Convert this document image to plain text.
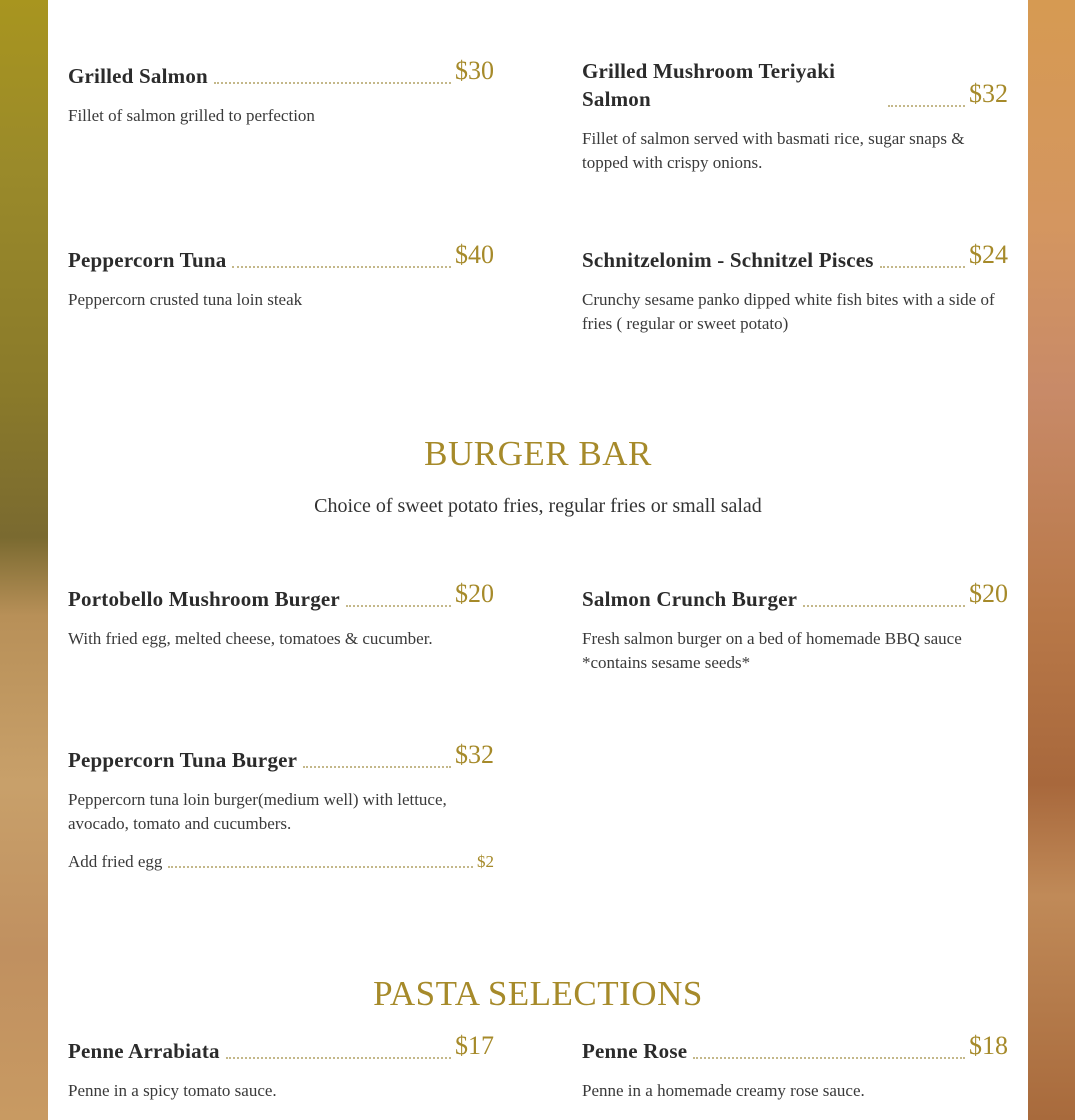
Grilled Salmon	$30
Fillet of salmon grilled to perfection
Grilled Mushroom Teriyaki Salmon	$32
Fillet of salmon served with basmati rice, sugar snaps & topped with crispy onions.
Peppercorn Tuna	$40
Peppercorn crusted tuna loin steak
Schnitzelonim - Schnitzel Pisces	$24
Crunchy sesame panko dipped white fish bites with a side of fries ( regular or sweet potato)
BURGER BAR
Choice of sweet potato fries, regular fries or small salad
Portobello Mushroom Burger	$20
With fried egg, melted cheese, tomatoes & cucumber.
Salmon Crunch Burger	$20
Fresh salmon burger on a bed of homemade BBQ sauce *contains sesame seeds*
Peppercorn Tuna Burger	$32
Peppercorn tuna loin burger(medium well) with lettuce, avocado, tomato and cucumbers.
Add fried egg	$2
PASTA SELECTIONS
Penne Arrabiata	$17
Penne in a spicy tomato sauce.
Penne Rose	$18
Penne in a homemade creamy rose sauce.
